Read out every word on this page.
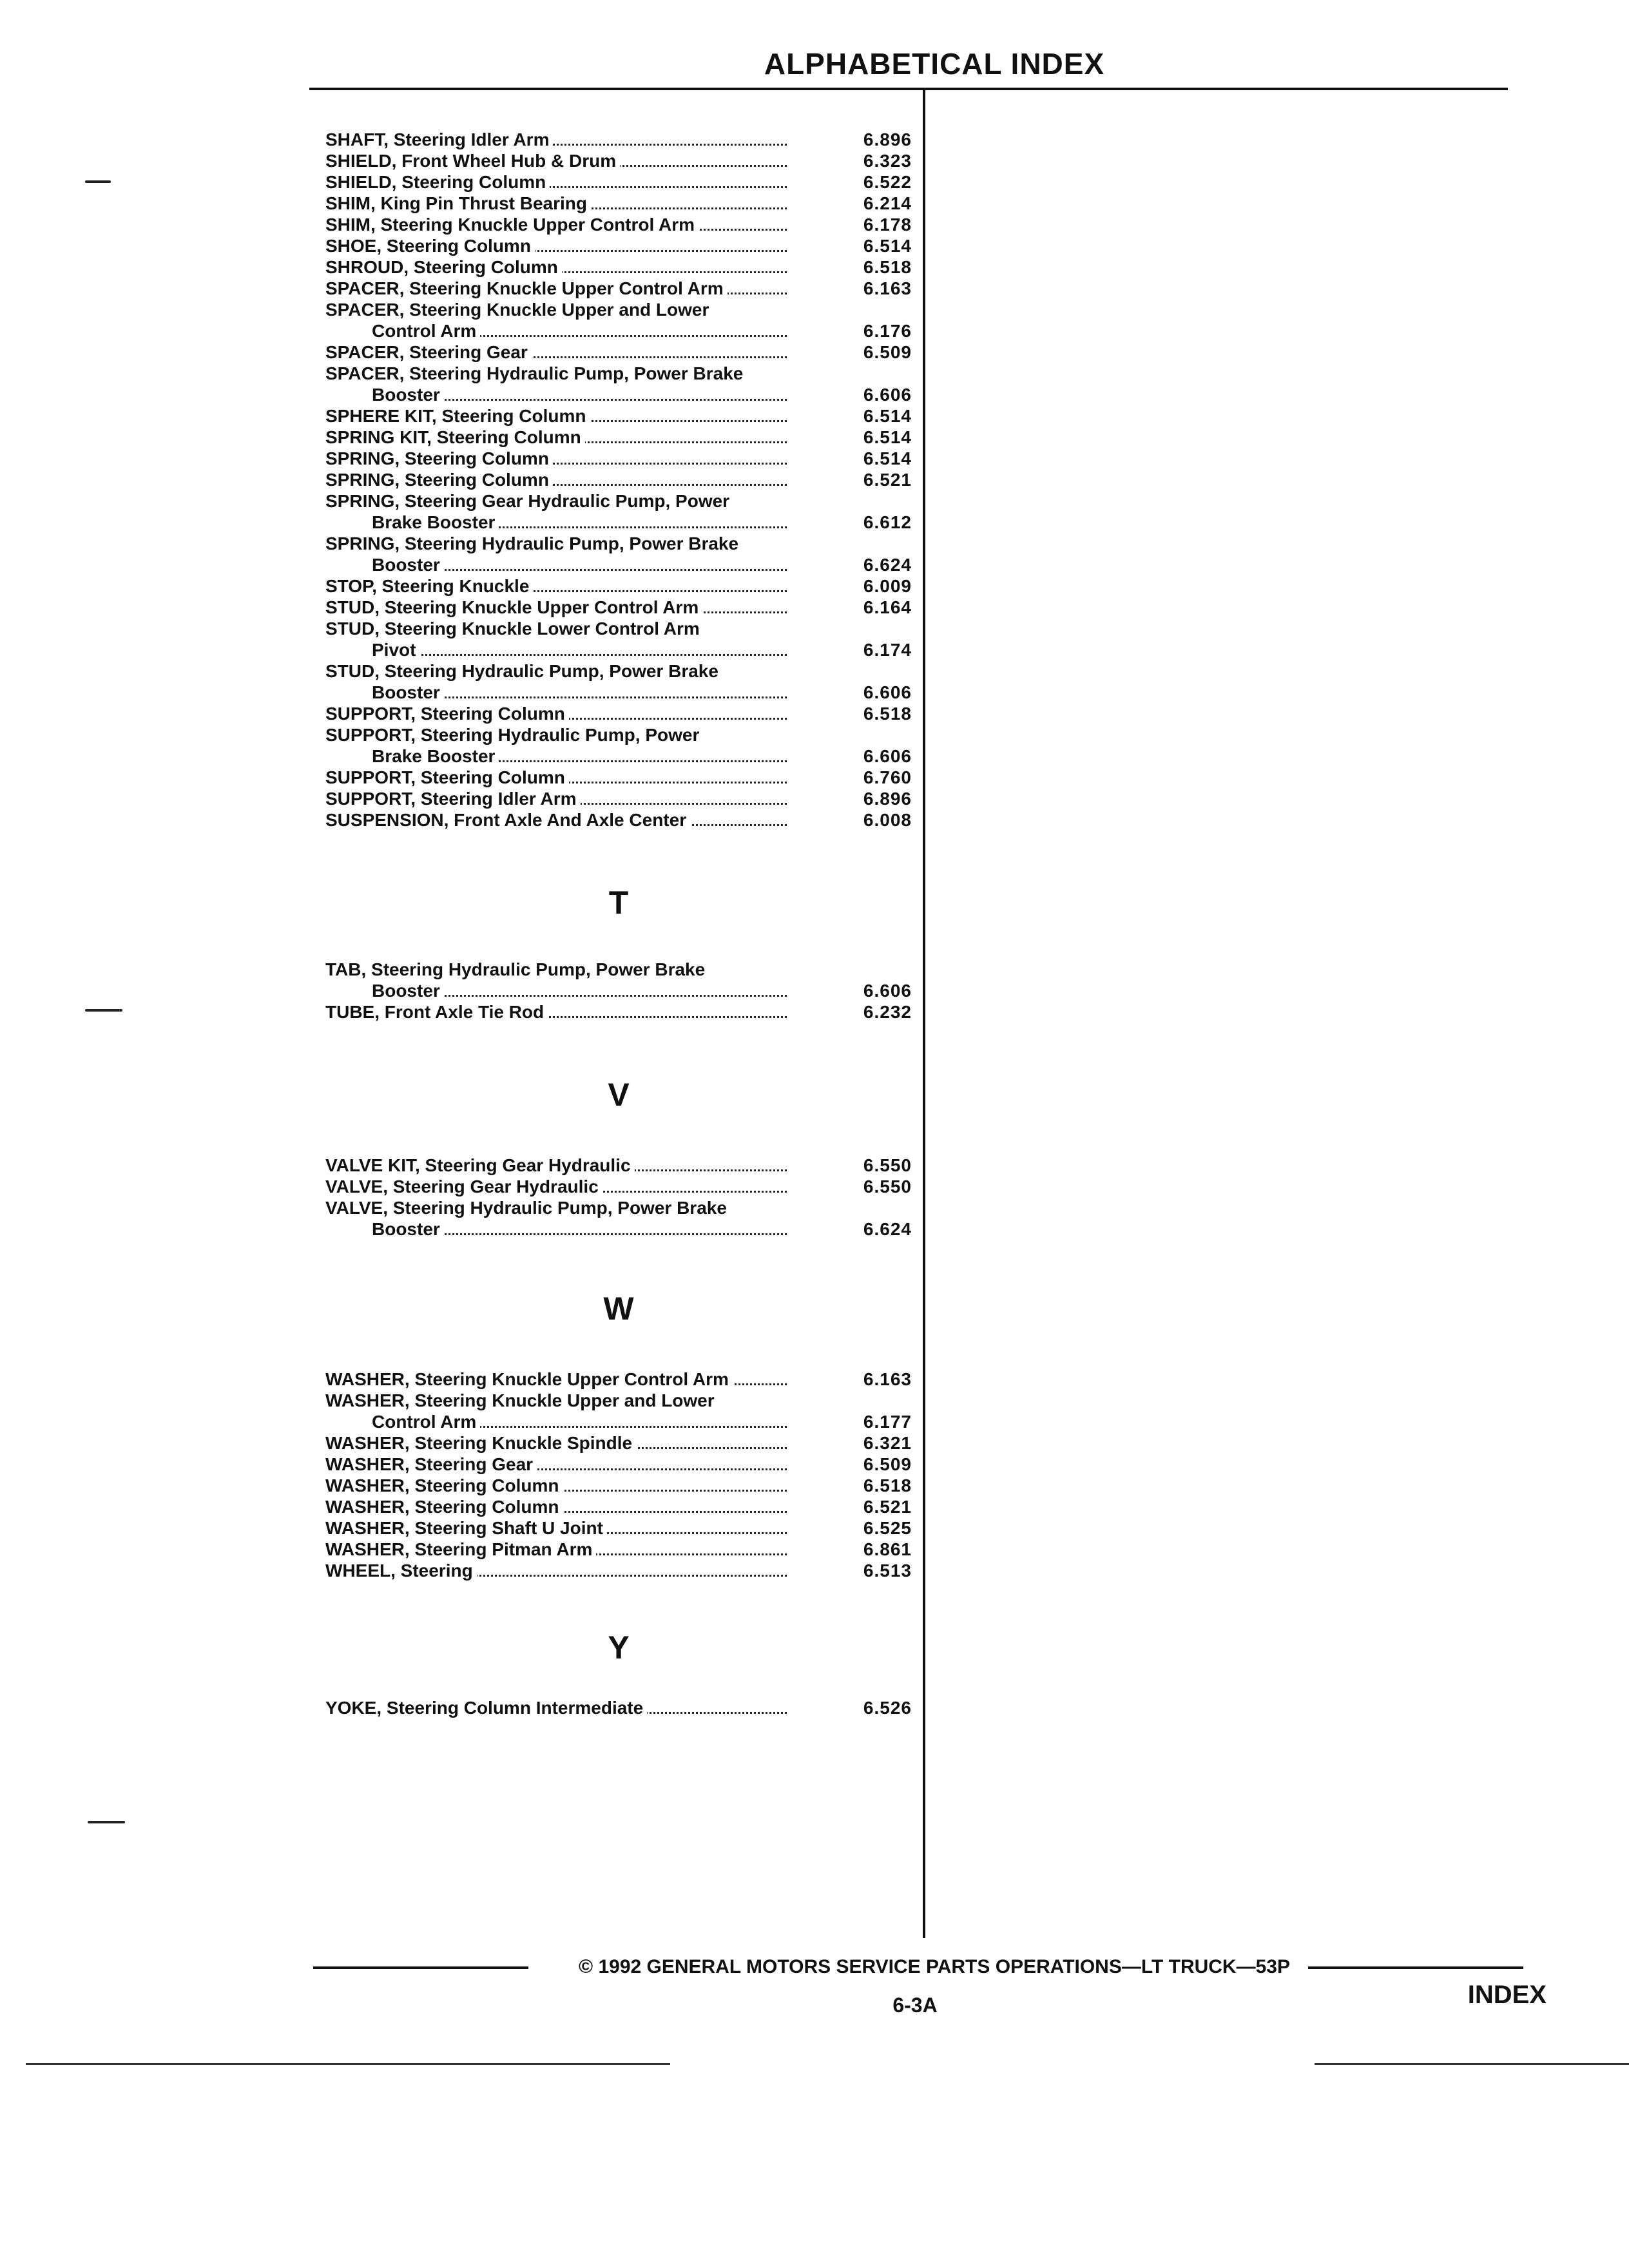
ALPHABETICAL INDEX
SHAFT, Steering Idler Arm	6.896
SHIELD, Front Wheel Hub & Drum	6.323
SHIELD, Steering Column	6.522
SHIM, King Pin Thrust Bearing	6.214
SHIM, Steering Knuckle Upper Control Arm	6.178
SHOE, Steering Column	6.514
SHROUD, Steering Column	6.518
SPACER, Steering Knuckle Upper Control Arm	6.163
SPACER, Steering Knuckle Upper and Lower
Control Arm	6.176
SPACER, Steering Gear	6.509
SPACER, Steering Hydraulic Pump, Power Brake
Booster	6.606
SPHERE KIT, Steering Column	6.514
SPRING KIT, Steering Column	6.514
SPRING, Steering Column	6.514
SPRING, Steering Column	6.521
SPRING, Steering Gear Hydraulic Pump, Power
Brake Booster	6.612
SPRING, Steering Hydraulic Pump, Power Brake
Booster	6.624
STOP, Steering Knuckle	6.009
STUD, Steering Knuckle Upper Control Arm	6.164
STUD, Steering Knuckle Lower Control Arm
Pivot	6.174
STUD, Steering Hydraulic Pump, Power Brake
Booster	6.606
SUPPORT, Steering Column	6.518
SUPPORT, Steering Hydraulic Pump, Power
Brake Booster	6.606
SUPPORT, Steering Column	6.760
SUPPORT, Steering Idler Arm	6.896
SUSPENSION, Front Axle And Axle Center	6.008
T
TAB, Steering Hydraulic Pump, Power Brake
Booster	6.606
TUBE, Front Axle Tie Rod	6.232
V
VALVE KIT, Steering Gear Hydraulic	6.550
VALVE, Steering Gear Hydraulic	6.550
VALVE, Steering Hydraulic Pump, Power Brake
Booster	6.624
W
WASHER, Steering Knuckle Upper Control Arm	6.163
WASHER, Steering Knuckle Upper and Lower
Control Arm	6.177
WASHER, Steering Knuckle Spindle	6.321
WASHER, Steering Gear	6.509
WASHER, Steering Column	6.518
WASHER, Steering Column	6.521
WASHER, Steering Shaft U Joint	6.525
WASHER, Steering Pitman Arm	6.861
WHEEL, Steering	6.513
Y
YOKE, Steering Column Intermediate	6.526
© 1992 GENERAL MOTORS SERVICE PARTS OPERATIONS—LT TRUCK—53P
6-3A	INDEX
